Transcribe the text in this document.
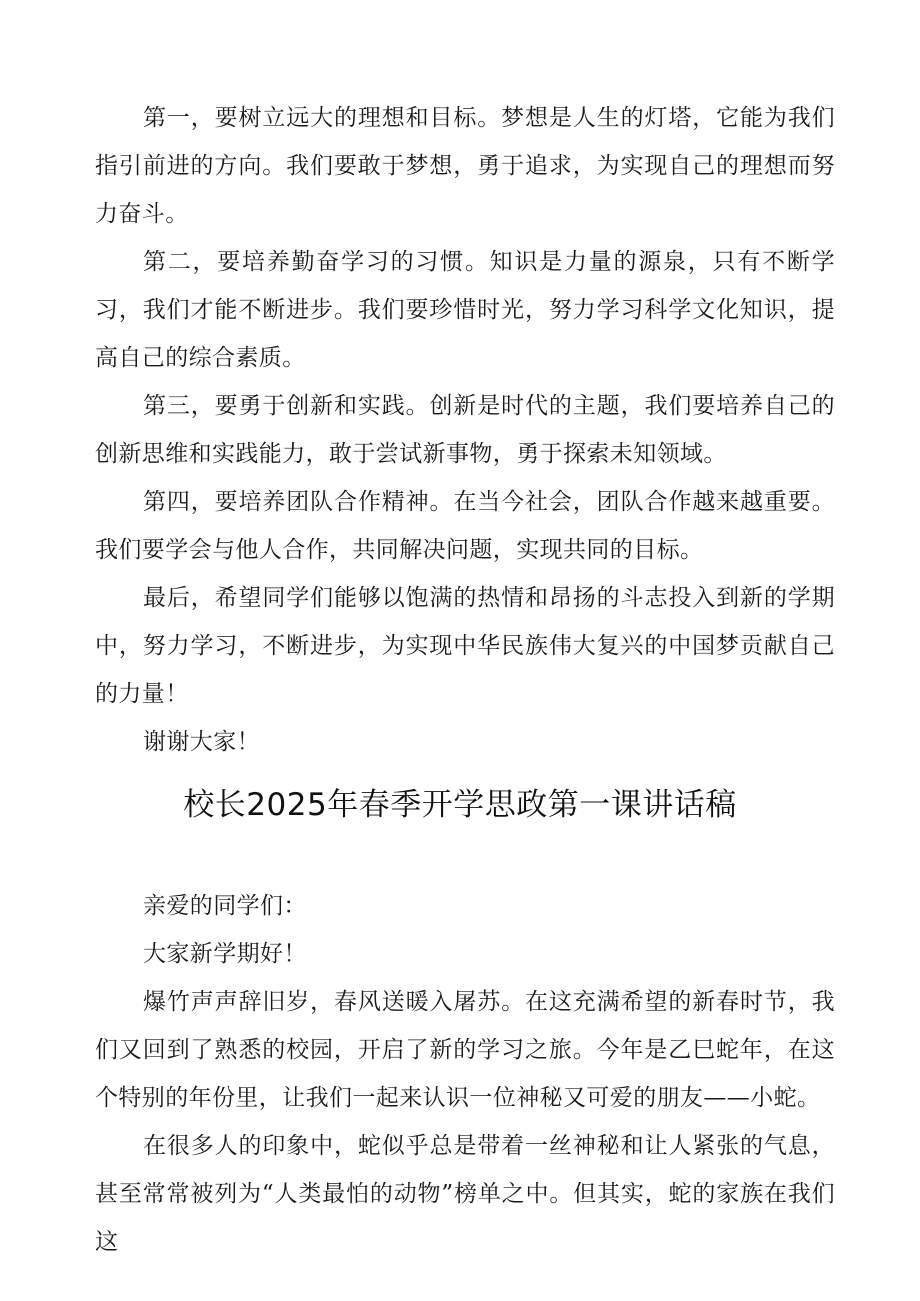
第一，要树立远大的理想和目标。梦想是人生的灯塔，它能为我们指引前进的方向。我们要敢于梦想，勇于追求，为实现自己的理想而努力奋斗。

第二，要培养勤奋学习的习惯。知识是力量的源泉，只有不断学习，我们才能不断进步。我们要珍惜时光，努力学习科学文化知识，提高自己的综合素质。

第三，要勇于创新和实践。创新是时代的主题，我们要培养自己的创新思维和实践能力，敢于尝试新事物，勇于探索未知领域。

第四，要培养团队合作精神。在当今社会，团队合作越来越重要。我们要学会与他人合作，共同解决问题，实现共同的目标。

最后，希望同学们能够以饱满的热情和昂扬的斗志投入到新的学期中，努力学习，不断进步，为实现中华民族伟大复兴的中国梦贡献自己的力量！

谢谢大家！

校长2025年春季开学思政第一课讲话稿

亲爱的同学们：

大家新学期好！

爆竹声声辞旧岁，春风送暖入屠苏。在这充满希望的新春时节，我们又回到了熟悉的校园，开启了新的学习之旅。今年是乙巳蛇年，在这个特别的年份里，让我们一起来认识一位神秘又可爱的朋友——小蛇。

在很多人的印象中，蛇似乎总是带着一丝神秘和让人紧张的气息，甚至常常被列为“人类最怕的动物”榜单之中。但其实，蛇的家族在我们这
